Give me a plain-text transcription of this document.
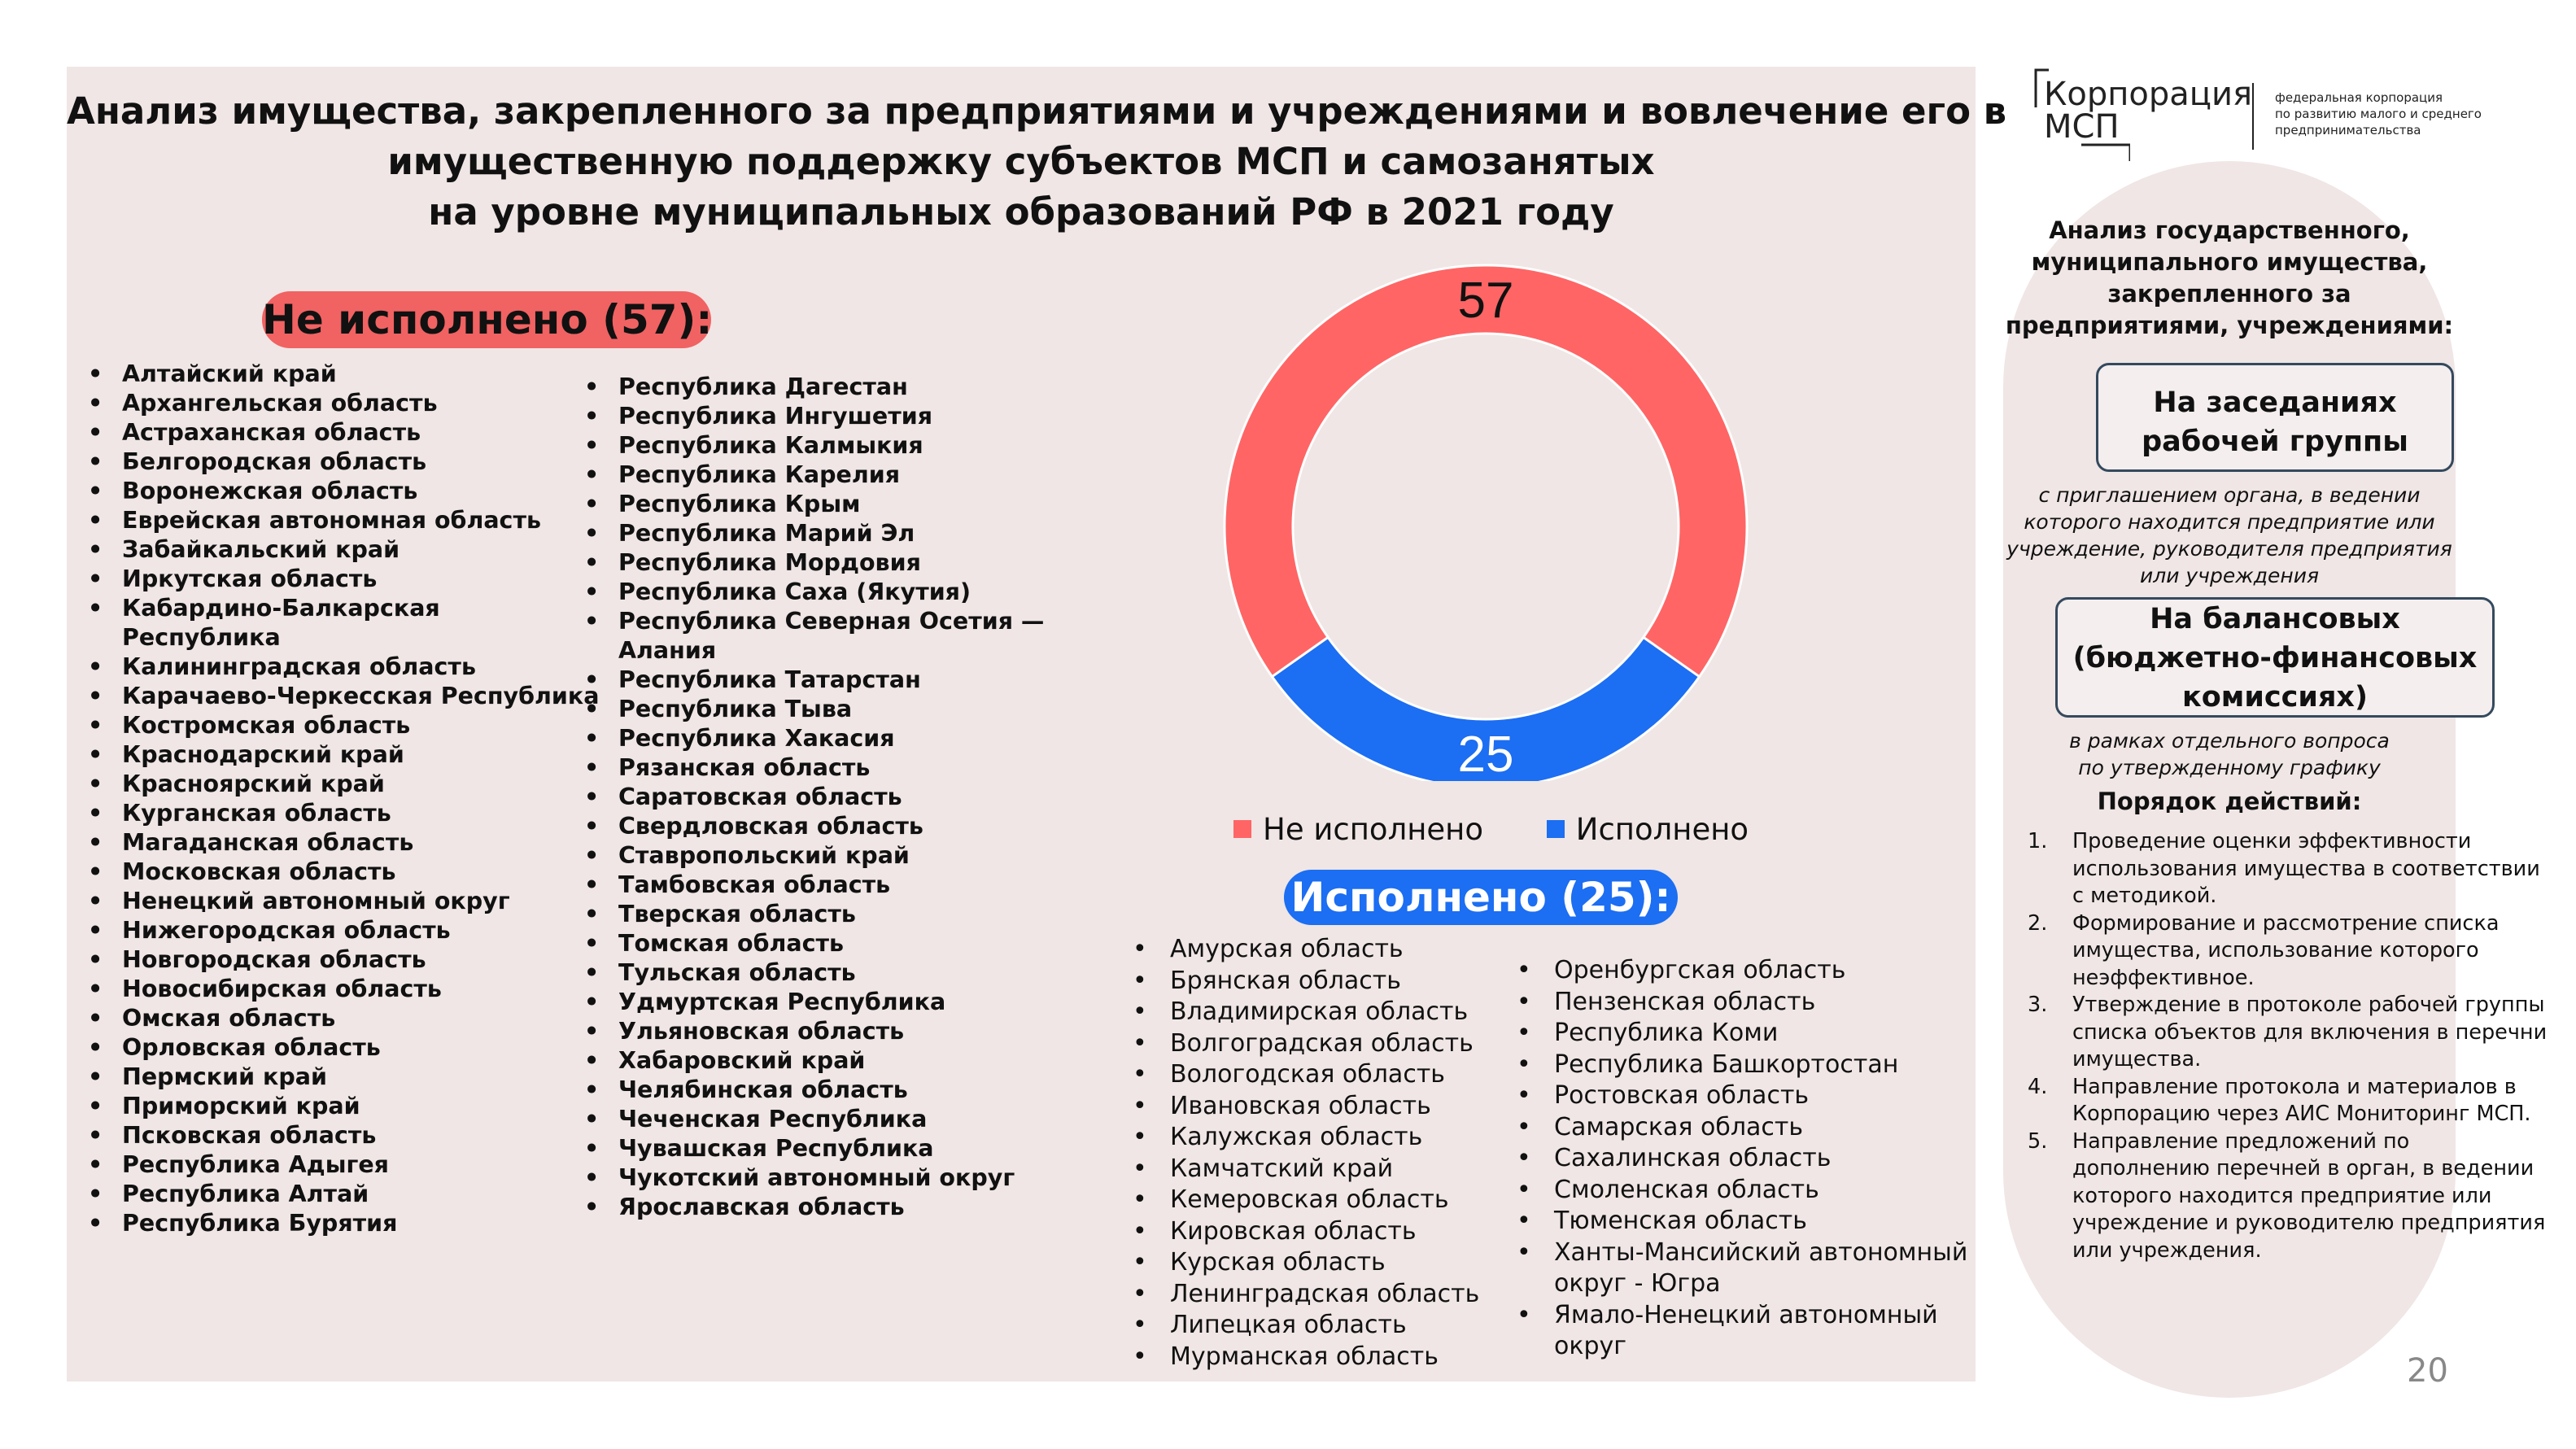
Анализ имущества, закрепленного за предприятиями и учреждениями и вовлечение его в
имущественную поддержку субъектов МСП и самозанятых
на уровне муниципальных образований РФ в 2021 году
Не исполнено (57):
• Алтайский край
• Архангельская область
• Астраханская область
• Белгородская область
• Воронежская область
• Еврейская автономная область
• Забайкальский край
• Иркутская область
• Кабардино-Балкарская
Республика
• Калининградская область
• Карачаево-Черкесская Республика
• Костромская область
• Краснодарский край
• Красноярский край
• Курганская область
• Магаданская область
• Московская область
• Ненецкий автономный округ
• Нижегородская область
• Новгородская область
• Новосибирская область
• Омская область
• Орловская область
• Пермский край
• Приморский край
• Псковская область
• Республика Адыгея
• Республика Алтай
• Республика Бурятия
• Республика Дагестан
• Республика Ингушетия
• Республика Калмыкия
• Республика Карелия
• Республика Крым
• Республика Марий Эл
• Республика Мордовия
• Республика Саха (Якутия)
• Республика Северная Осетия —
Алания
• Республика Татарстан
• Республика Тыва
• Республика Хакасия
• Рязанская область
• Саратовская область
• Свердловская область
• Ставропольский край
• Тамбовская область
• Тверская область
• Томская область
• Тульская область
• Удмуртская Республика
• Ульяновская область
• Хабаровский край
• Челябинская область
• Чеченская Республика
• Чувашская Республика
• Чукотский автономный округ
• Ярославская область
57
25
Не исполнено	Исполнено
Исполнено (25):
• Амурская область
• Брянская область
• Владимирская область
• Волгоградская область
• Вологодская область
• Ивановская область
• Калужская область
• Камчатский край
• Кемеровская область
• Кировская область
• Курская область
• Ленинградская область
• Липецкая область
• Мурманская область
• Оренбургская область
• Пензенская область
• Республика Коми
• Республика Башкортостан
• Ростовская область
• Самарская область
• Сахалинская область
• Смоленская область
• Тюменская область
• Ханты-Мансийский автономный
округ - Югра
• Ямало-Ненецкий автономный
округ
Корпорация
МСП
федеральная корпорация
по развитию малого и среднего
предпринимательства
Анализ государственного,
муниципального имущества,
закрепленного за
предприятиями, учреждениями:
На заседаниях
рабочей группы
с приглашением органа, в ведении
которого находится предприятие или
учреждение, руководителя предприятия
или учреждения
На балансовых
(бюджетно-финансовых
комиссиях)
в рамках отдельного вопроса
по утвержденному графику
Порядок действий:
1. Проведение оценки эффективности
использования имущества в соответствии
с методикой.
2. Формирование и рассмотрение списка
имущества, использование которого
неэффективное.
3. Утверждение в протоколе рабочей группы
списка объектов для включения в перечни
имущества.
4. Направление протокола и материалов в
Корпорацию через АИС Мониторинг МСП.
5. Направление предложений по
дополнению перечней в орган, в ведении
которого находится предприятие или
учреждение и руководителю предприятия
или учреждения.
20
